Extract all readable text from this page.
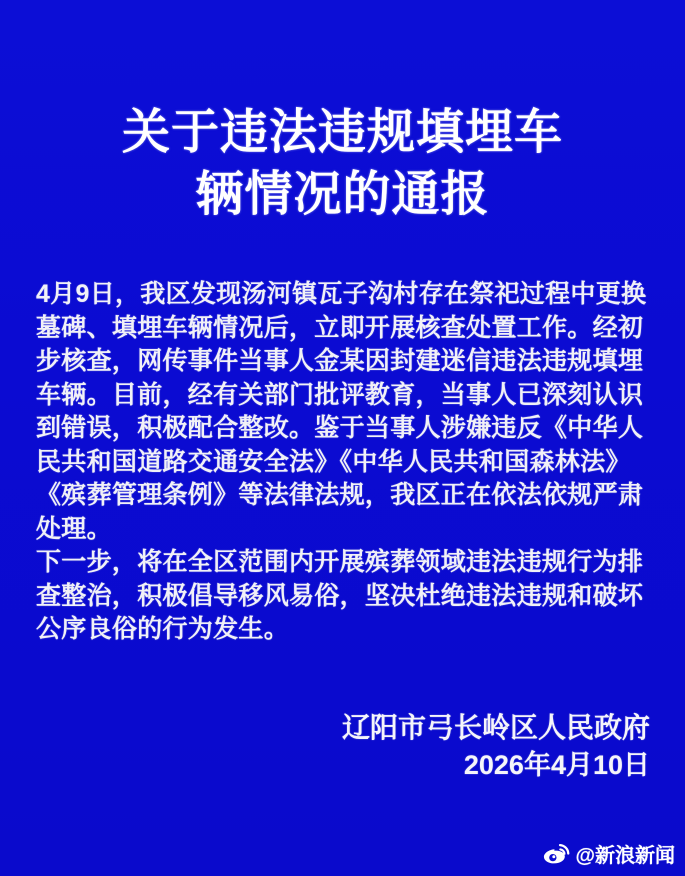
关于违法违规填埋车
辆情况的通报
4月9日，我区发现汤河镇瓦子沟村存在祭祀过程中更换
墓碑、填埋车辆情况后，立即开展核查处置工作。经初
步核查，网传事件当事人金某因封建迷信违法违规填埋
车辆。目前，经有关部门批评教育，当事人已深刻认识
到错误，积极配合整改。鉴于当事人涉嫌违反《中华人
民共和国道路交通安全法》《中华人民共和国森林法》
《殡葬管理条例》等法律法规，我区正在依法依规严肃
处理。
下一步，将在全区范围内开展殡葬领域违法违规行为排
查整治，积极倡导移风易俗，坚决杜绝违法违规和破坏
公序良俗的行为发生。
辽阳市弓长岭区人民政府
2026年4月10日
@新浪新闻
